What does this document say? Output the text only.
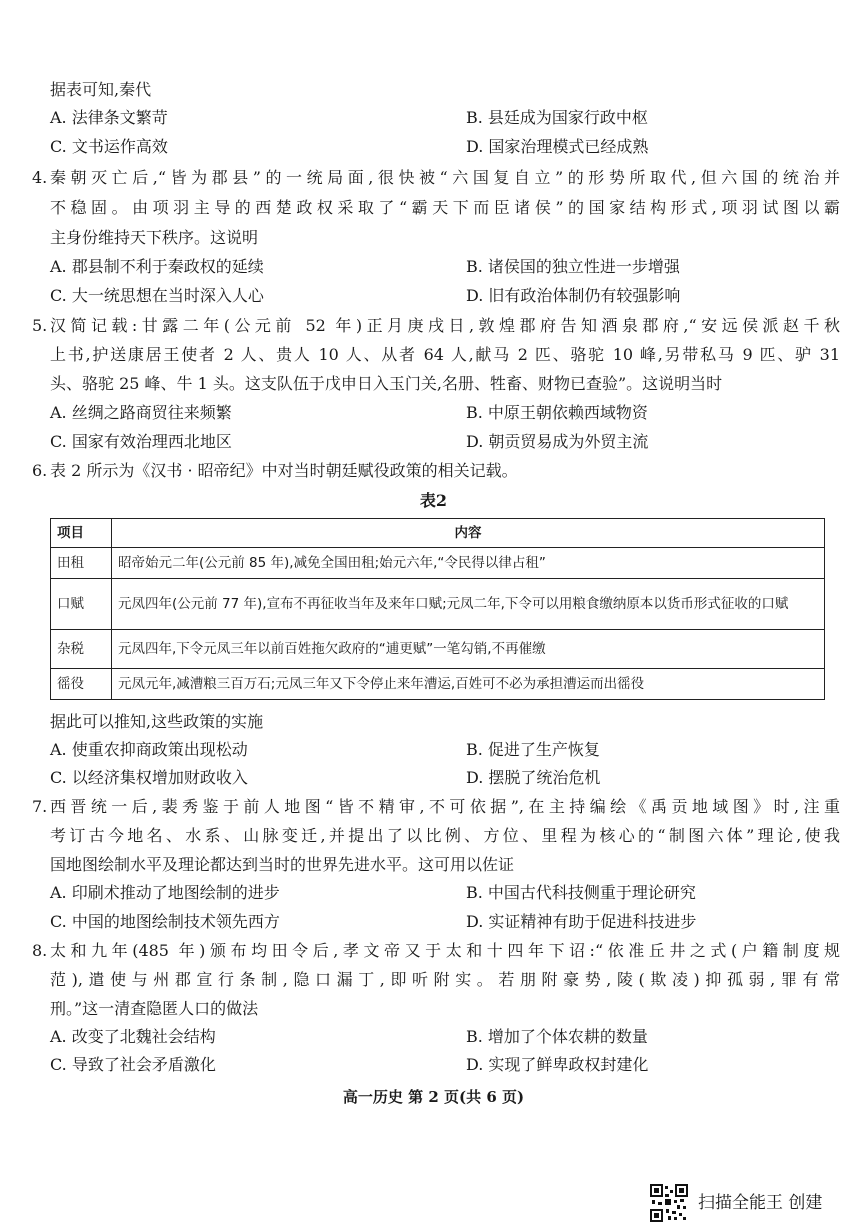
据表可知,秦代
A. 法律条文繁苛	B. 县廷成为国家行政中枢
C. 文书运作高效	D. 国家治理模式已经成熟
4. 秦朝灭亡后,“皆为郡县”的一统局面,很快被“六国复自立”的形势所取代,但六国的统治并
不稳固。由项羽主导的西楚政权采取了“霸天下而臣诸侯”的国家结构形式,项羽试图以霸
主身份维持天下秩序。这说明
A. 郡县制不利于秦政权的延续	B. 诸侯国的独立性进一步增强
C. 大一统思想在当时深入人心	D. 旧有政治体制仍有较强影响
5. 汉简记载:甘露二年(公元前 52 年)正月庚戌日,敦煌郡府告知酒泉郡府,“安远侯派赵千秋
上书,护送康居王使者 2 人、贵人 10 人、从者 64 人,献马 2 匹、骆驼 10 峰,另带私马 9 匹、驴 31
头、骆驼 25 峰、牛 1 头。这支队伍于戊申日入玉门关,名册、牲畜、财物已查验”。这说明当时
A. 丝绸之路商贸往来频繁	B. 中原王朝依赖西域物资
C. 国家有效治理西北地区	D. 朝贡贸易成为外贸主流
6. 表 2 所示为《汉书 · 昭帝纪》中对当时朝廷赋役政策的相关记载。
表2
项目	内容
田租	昭帝始元二年(公元前 85 年),减免全国田租;始元六年,“令民得以律占租”
口赋	元凤四年(公元前 77 年),宣布不再征收当年及来年口赋;元凤二年,下令可以用粮食缴纳原本以货币形式征收的口赋
杂税	元凤四年,下令元凤三年以前百姓拖欠政府的“逋更赋”一笔勾销,不再催缴
徭役	元凤元年,减漕粮三百万石;元凤三年又下令停止来年漕运,百姓可不必为承担漕运而出徭役
据此可以推知,这些政策的实施
A. 使重农抑商政策出现松动	B. 促进了生产恢复
C. 以经济集权增加财政收入	D. 摆脱了统治危机
7. 西晋统一后,裴秀鉴于前人地图“皆不精审,不可依据”,在主持编绘《禹贡地域图》时,注重
考订古今地名、水系、山脉变迁,并提出了以比例、方位、里程为核心的“制图六体”理论,使我
国地图绘制水平及理论都达到当时的世界先进水平。这可用以佐证
A. 印刷术推动了地图绘制的进步	B. 中国古代科技侧重于理论研究
C. 中国的地图绘制技术领先西方	D. 实证精神有助于促进科技进步
8. 太和九年(485 年)颁布均田令后,孝文帝又于太和十四年下诏:“依准丘井之式(户籍制度规
范),遣使与州郡宣行条制,隐口漏丁,即听附实。若朋附豪势,陵(欺凌)抑孤弱,罪有常
刑。”这一清查隐匿人口的做法
A. 改变了北魏社会结构	B. 增加了个体农耕的数量
C. 导致了社会矛盾激化	D. 实现了鲜卑政权封建化
高一历史 第 2 页(共 6 页)
扫描全能王 创建
